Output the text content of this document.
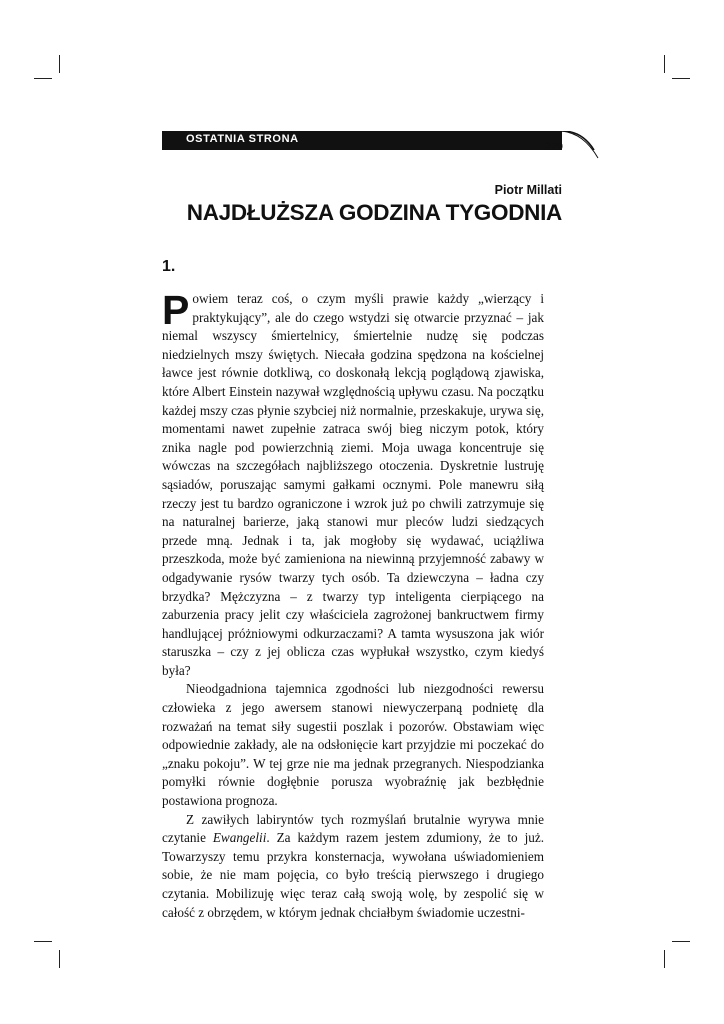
OSTATNIA STRONA	279
Piotr Millati
NAJDŁUŻSZA GODZINA TYGODNIA
1.

Powiem teraz coś, o czym myśli prawie każdy „wierzący i praktykujący”, ale do czego wstydzi się otwarcie przyznać – jak niemal wszyscy śmiertelnicy, śmiertelnie nudzę się podczas niedzielnych mszy świętych. Niecała godzina spędzona na kościelnej ławce jest równie dotkliwą, co doskonałą lekcją poglądową zjawiska, które Albert Einstein nazywał względnością upływu czasu. Na początku każdej mszy czas płynie szybciej niż normalnie, przeskakuje, urywa się, momentami nawet zupełnie zatraca swój bieg niczym potok, który znika nagle pod powierzchnią ziemi. Moja uwaga koncentruje się wówczas na szczegółach najbliższego otoczenia. Dyskretnie lustruję sąsiadów, poruszając samymi gałkami ocznymi. Pole manewru siłą rzeczy jest tu bardzo ograniczone i wzrok już po chwili zatrzymuje się na naturalnej barierze, jaką stanowi mur pleców ludzi siedzących przede mną. Jednak i ta, jak mogłoby się wydawać, uciążliwa przeszkoda, może być zamieniona na niewinną przyjemność zabawy w odgadywanie rysów twarzy tych osób. Ta dziewczyna – ładna czy brzydka? Mężczyzna – z twarzy typ inteligenta cierpiącego na zaburzenia pracy jelit czy właściciela zagrożonej bankructwem firmy handlującej próżniowymi odkurzaczami? A tamta wysuszona jak wiór staruszka – czy z jej oblicza czas wypłukał wszystko, czym kiedyś była?

Nieodgadniona tajemnica zgodności lub niezgodności rewersu człowieka z jego awersem stanowi niewyczerpaną podnietę dla rozważań na temat siły sugestii poszlak i pozorów. Obstawiam więc odpowiednie zakłady, ale na odsłonięcie kart przyjdzie mi poczekać do „znaku pokoju”. W tej grze nie ma jednak przegranych. Niespodzianka pomyłki równie dogłębnie porusza wyobraźnię jak bezbłędnie postawiona prognoza.

Z zawiłych labiryntów tych rozmyślań brutalnie wyrywa mnie czytanie Ewangelii. Za każdym razem jestem zdumiony, że to już. Towarzyszy temu przykra konsternacja, wywołana uświadomieniem sobie, że nie mam pojęcia, co było treścią pierwszego i drugiego czytania. Mobilizuję więc teraz całą swoją wolę, by zespolić się w całość z obrzędem, w którym jednak chciałbym świadomie uczestni-
